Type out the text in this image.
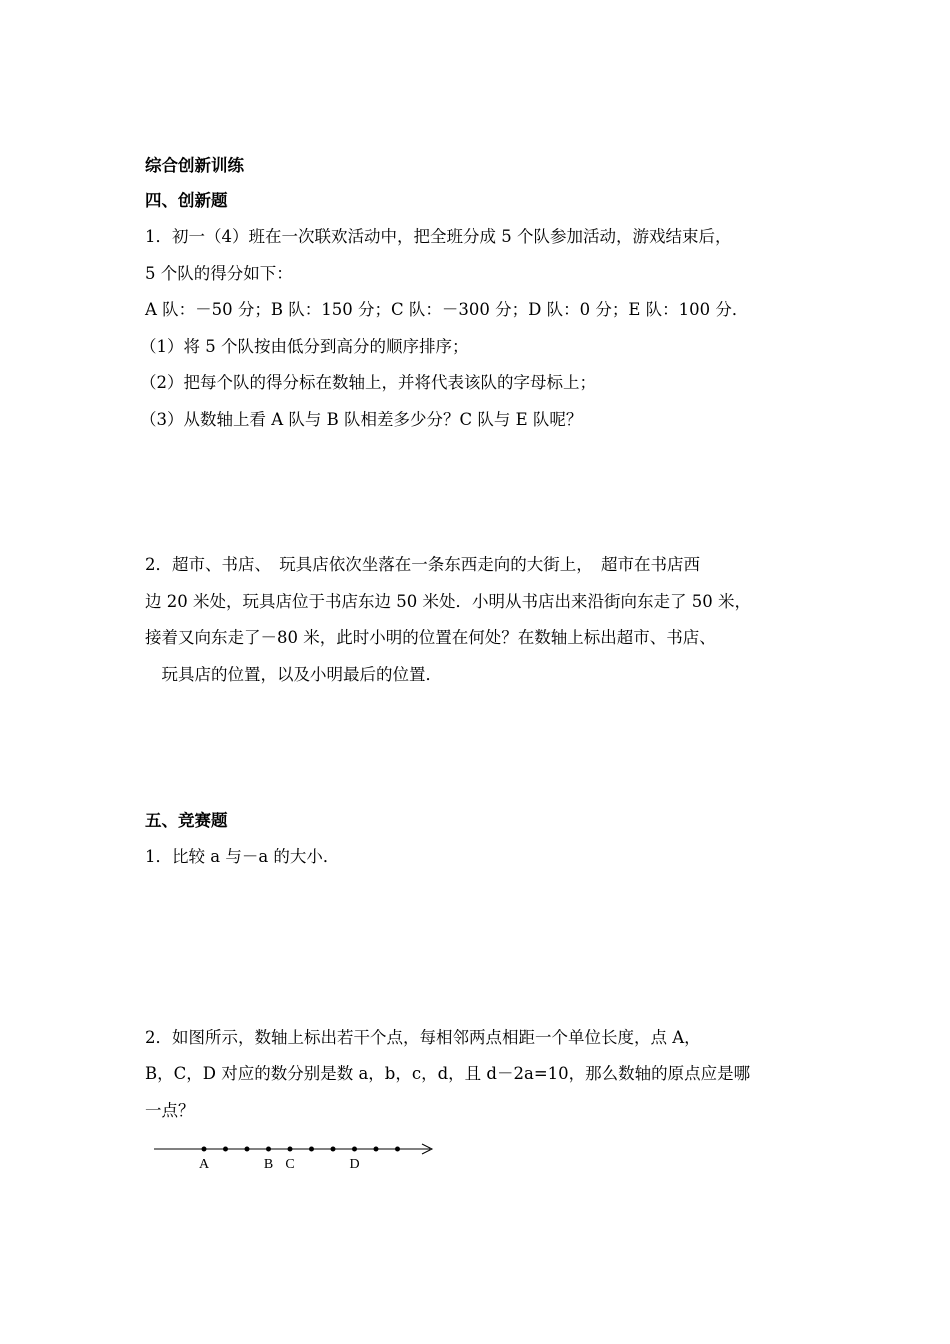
综合创新训练

四、创新题

1．初一（4）班在一次联欢活动中，把全班分成 5 个队参加活动，游戏结束后，

5 个队的得分如下：

A 队：－50 分；B 队：150 分；C 队：－300 分；D 队：0 分；E 队：100 分．

（1）将 5 个队按由低分到高分的顺序排序；

（2）把每个队的得分标在数轴上，并将代表该队的字母标上；

（3）从数轴上看 A 队与 B 队相差多少分？C 队与 E 队呢？

2．超市、书店、　玩具店依次坐落在一条东西走向的大街上，　超市在书店西

边 20 米处，玩具店位于书店东边 50 米处．小明从书店出来沿街向东走了 50 米，

接着又向东走了－80 米，此时小明的位置在何处？在数轴上标出超市、书店、

　玩具店的位置，以及小明最后的位置．

五、竞赛题

1．比较 a 与－a 的大小．

2．如图所示，数轴上标出若干个点，每相邻两点相距一个单位长度，点 A，

B，C，D 对应的数分别是数 a，b，c，d，且 d－2a=10，那么数轴的原点应是哪

一点？

A	B C	D
